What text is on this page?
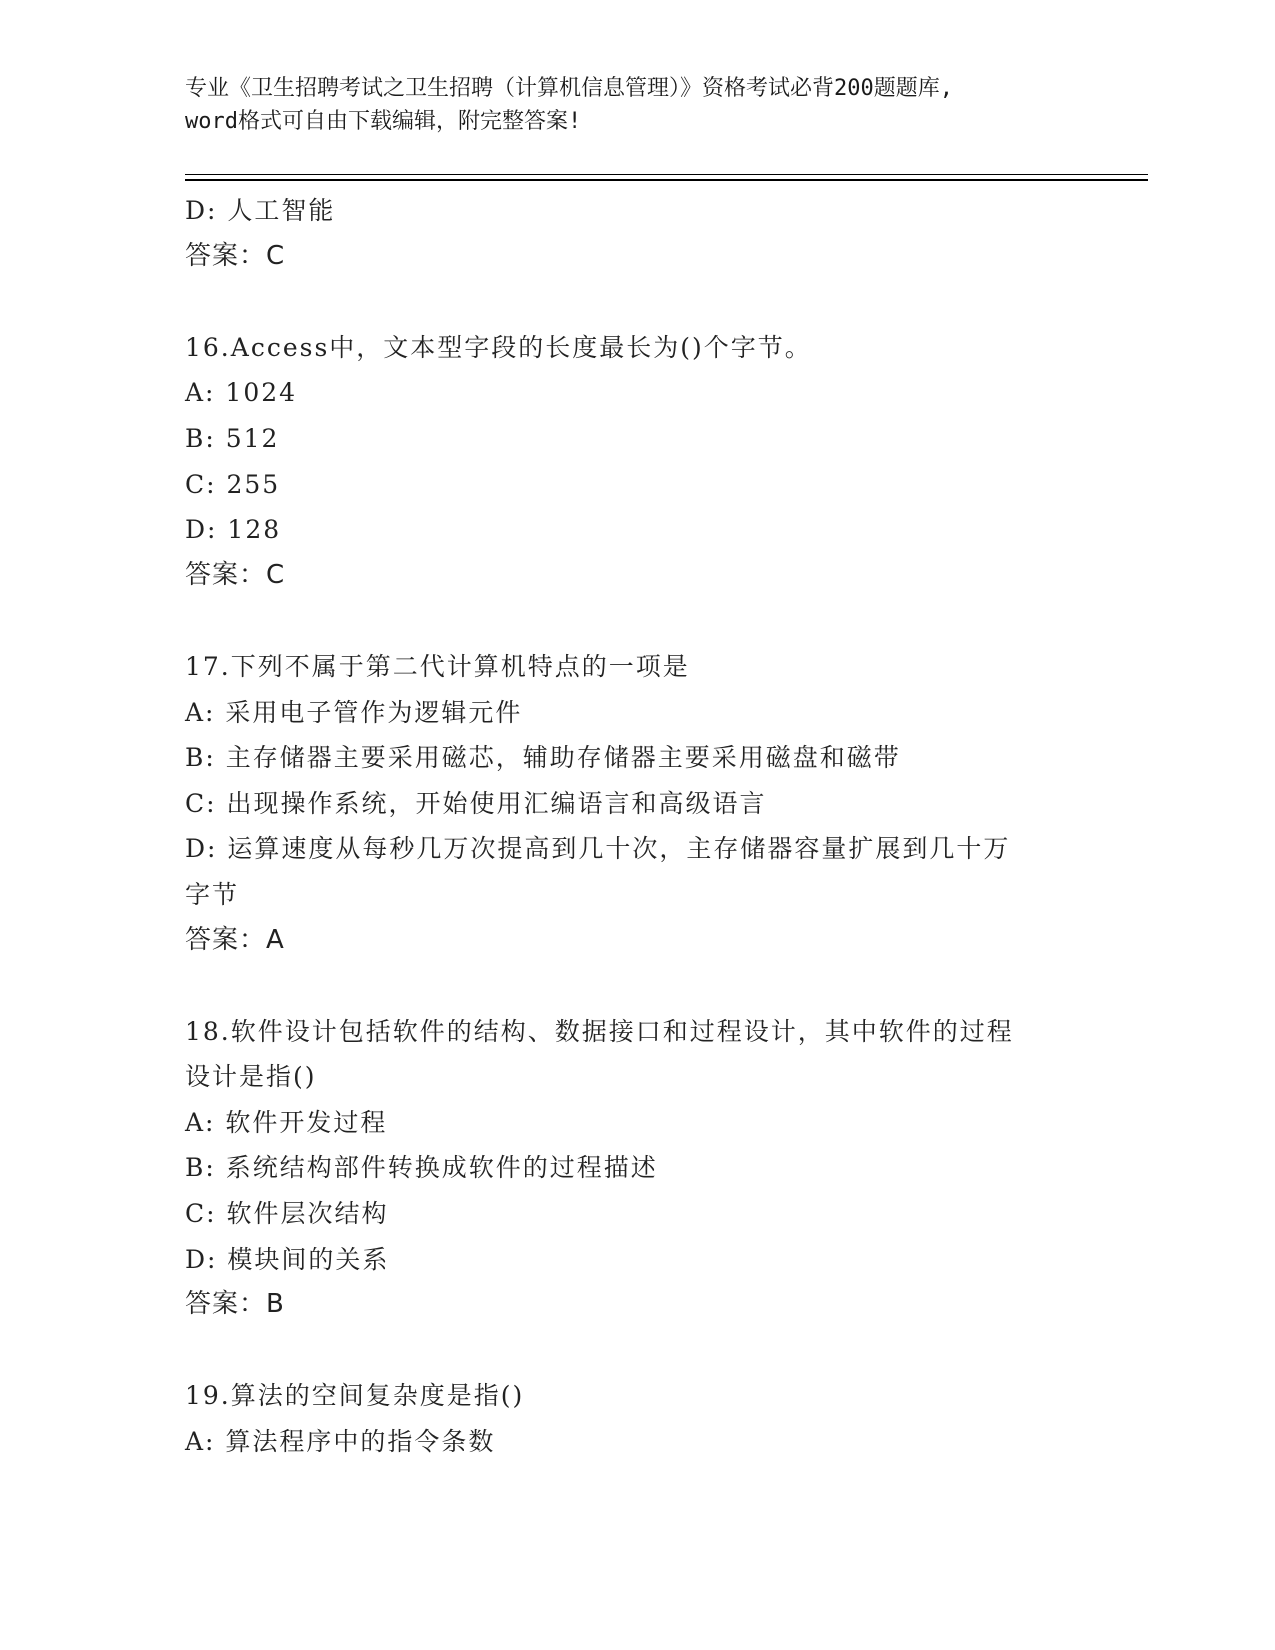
专业《卫生招聘考试之卫生招聘（计算机信息管理）》资格考试必背200题题库,
word格式可自由下载编辑，附完整答案!
D: 人工智能
答案：C
16.Access中，文本型字段的长度最长为()个字节。
A: 1024
B: 512
C: 255
D: 128
答案：C
17.下列不属于第二代计算机特点的一项是
A: 采用电子管作为逻辑元件
B: 主存储器主要采用磁芯，辅助存储器主要采用磁盘和磁带
C: 出现操作系统，开始使用汇编语言和高级语言
D: 运算速度从每秒几万次提高到几十次，主存储器容量扩展到几十万
字节
答案：A
18.软件设计包括软件的结构、数据接口和过程设计，其中软件的过程
设计是指()
A: 软件开发过程
B: 系统结构部件转换成软件的过程描述
C: 软件层次结构
D: 模块间的关系
答案：B
19.算法的空间复杂度是指()
A: 算法程序中的指令条数
